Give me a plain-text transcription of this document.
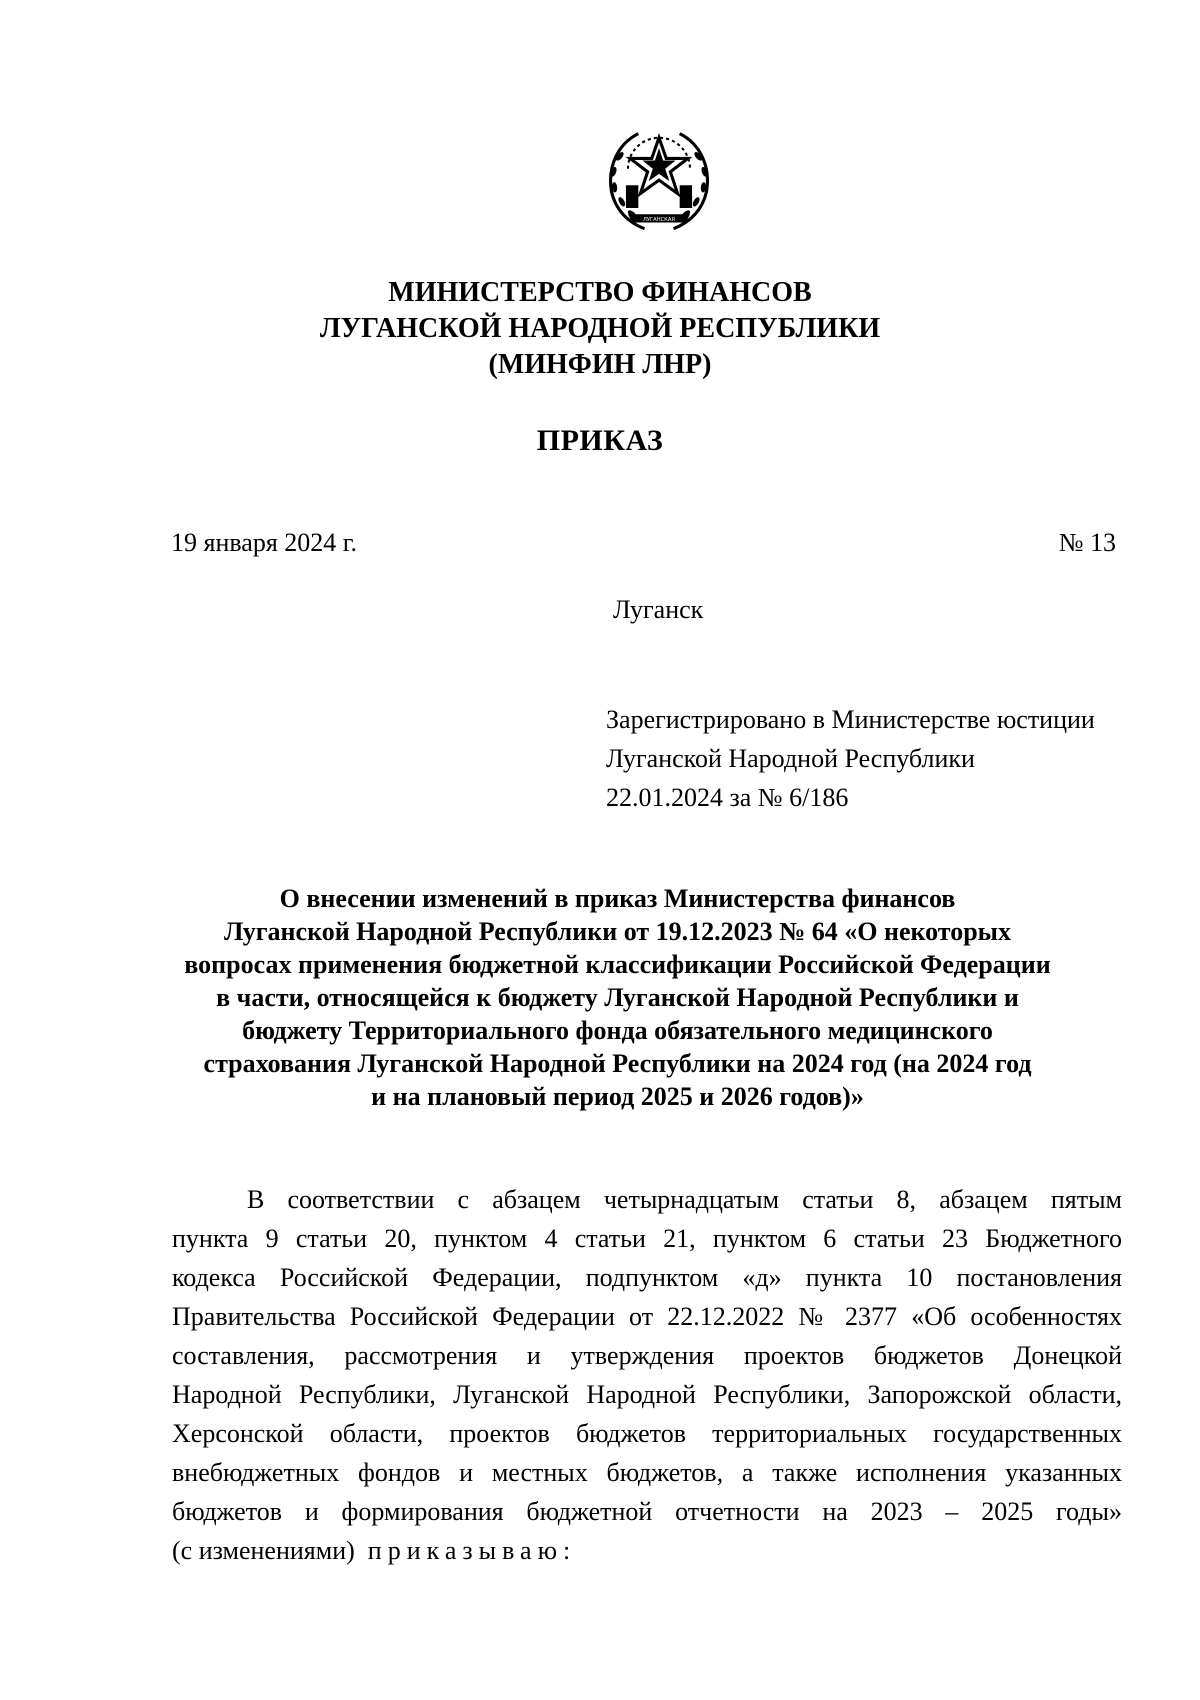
ЛУГАНСКАЯ
МИНИСТЕРСТВО ФИНАНСОВ
ЛУГАНСКОЙ НАРОДНОЙ РЕСПУБЛИКИ
(МИНФИН ЛНР)
ПРИКАЗ
19 января 2024 г.	№ 13
Луганск
Зарегистрировано в Министерстве юстиции
Луганской Народной Республики
22.01.2024 за № 6/186
О внесении изменений в приказ Министерства финансов
Луганской Народной Республики от 19.12.2023 № 64 «О некоторых
вопросах применения бюджетной классификации Российской Федерации
в части, относящейся к бюджету Луганской Народной Республики и
бюджету Территориального фонда обязательного медицинского
страхования Луганской Народной Республики на 2024 год (на 2024 год
и на плановый период 2025 и 2026 годов)»
В соответствии с абзацем четырнадцатым статьи 8, абзацем пятым
пункта 9 статьи 20, пунктом 4 статьи 21, пунктом 6 статьи 23 Бюджетного
кодекса Российской Федерации, подпунктом «д» пункта 10 постановления
Правительства Российской Федерации от 22.12.2022 № 2377 «Об особенностях
составления, рассмотрения и утверждения проектов бюджетов Донецкой
Народной Республики, Луганской Народной Республики, Запорожской области,
Херсонской области, проектов бюджетов территориальных государственных
внебюджетных фондов и местных бюджетов, а также исполнения указанных
бюджетов и формирования бюджетной отчетности на 2023 – 2025 годы»
(с изменениями) приказываю:
